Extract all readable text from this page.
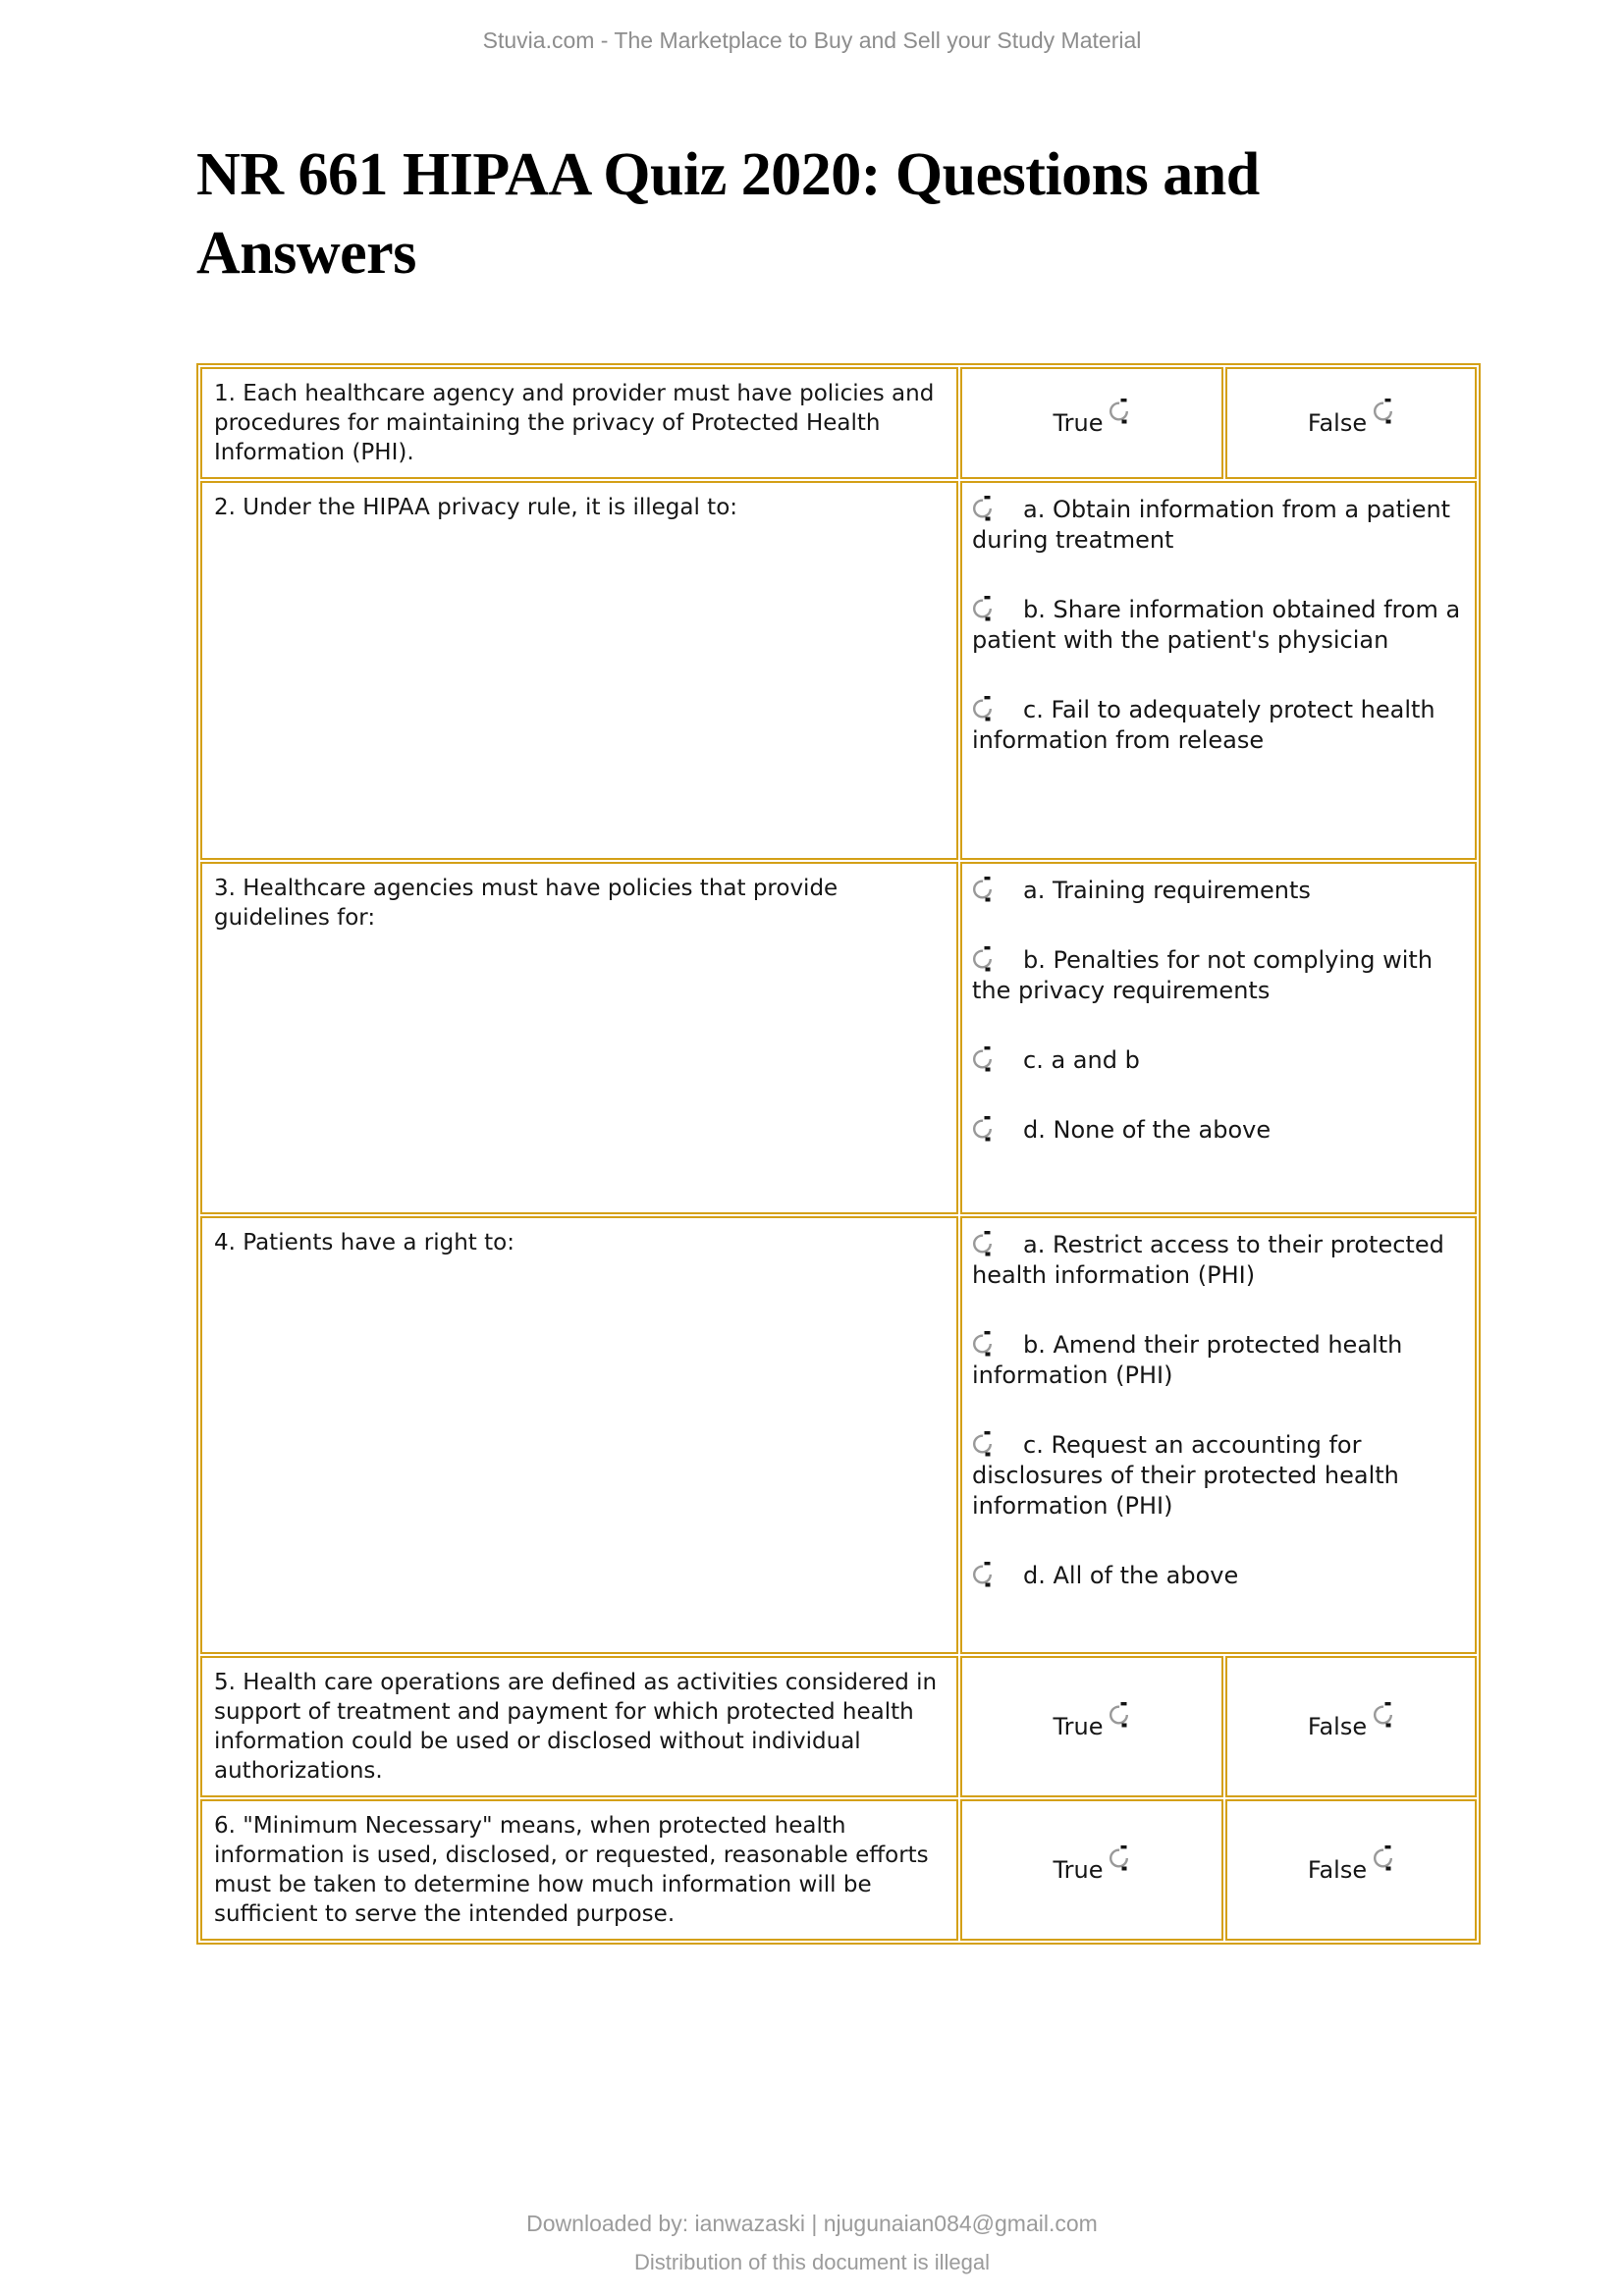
Stuvia.com - The Marketplace to Buy and Sell your Study Material
NR 661 HIPAA Quiz 2020: Questions and Answers
1. Each healthcare agency and provider must have policies and procedures for maintaining the privacy of Protected Health Information (PHI).	True	False
2. Under the HIPAA privacy rule, it is illegal to:	a. Obtain information from a patient during treatment

b. Share information obtained from a patient with the patient's physician

c. Fail to adequately protect health information from release	

3. Healthcare agencies must have policies that provide guidelines for:	a. Training requirements

b. Penalties for not complying with the privacy requirements

c. a and b

d. None of the above	

4. Patients have a right to:	a. Restrict access to their protected health information (PHI)

b. Amend their protected health information (PHI)

c. Request an accounting for disclosures of their protected health information (PHI)

d. All of the above	

5. Health care operations are defined as activities considered in support of treatment and payment for which protected health information could be used or disclosed without individual authorizations.	True	False
6. "Minimum Necessary" means, when protected health information is used, disclosed, or requested, reasonable efforts must be taken to determine how much information will be sufficient to serve the intended purpose.	True	False
Downloaded by: ianwazaski | njugunaian084@gmail.com
Distribution of this document is illegal
